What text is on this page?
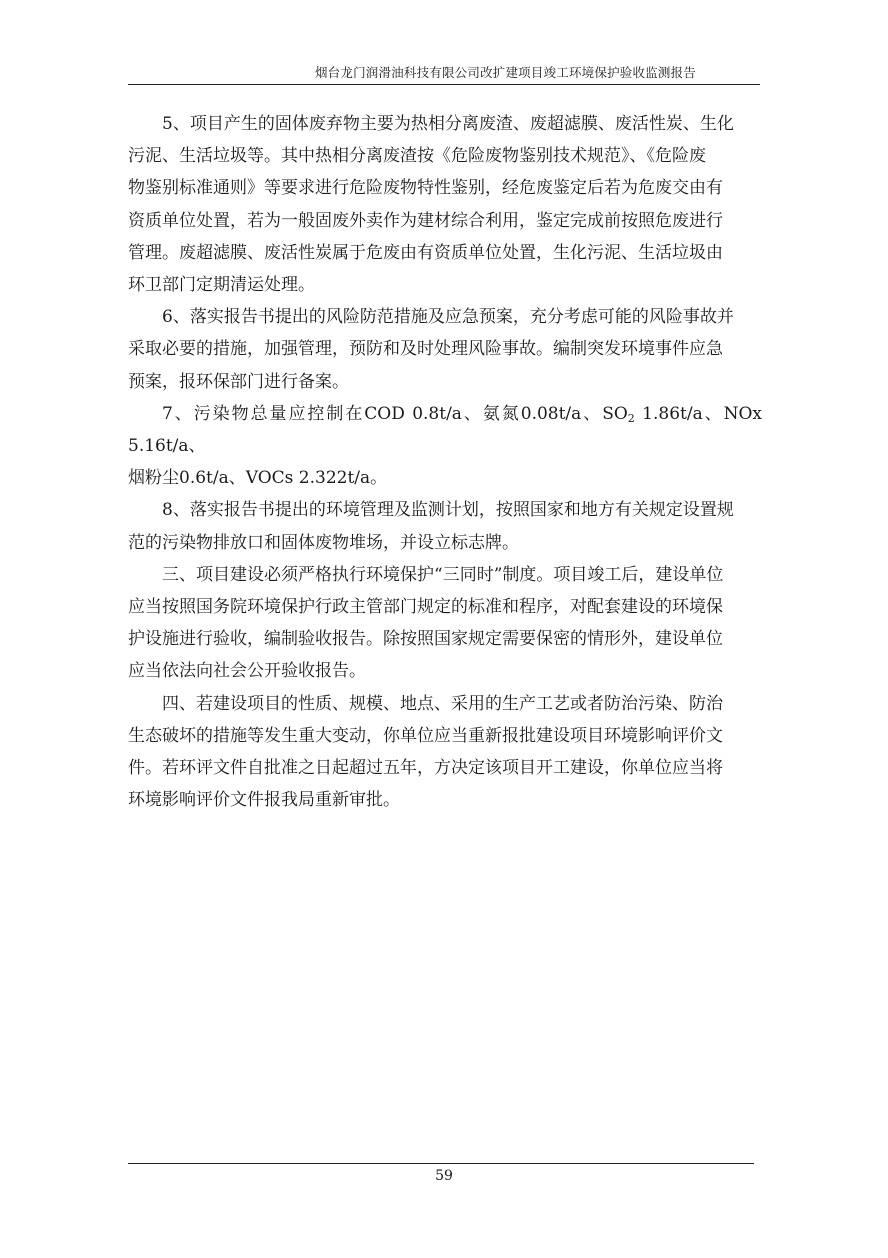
烟台龙门润滑油科技有限公司改扩建项目竣工环境保护验收监测报告

5、项目产生的固体废弃物主要为热相分离废渣、废超滤膜、废活性炭、生化
污泥、生活垃圾等。其中热相分离废渣按《危险废物鉴别技术规范》、《危险废
物鉴别标准通则》等要求进行危险废物特性鉴别，经危废鉴定后若为危废交由有
资质单位处置，若为一般固废外卖作为建材综合利用，鉴定完成前按照危废进行
管理。废超滤膜、废活性炭属于危废由有资质单位处置，生化污泥、生活垃圾由
环卫部门定期清运处理。

6、落实报告书提出的风险防范措施及应急预案，充分考虑可能的风险事故并
采取必要的措施，加强管理，预防和及时处理风险事故。编制突发环境事件应急
预案，报环保部门进行备案。

7、污染物总量应控制在COD 0.8t/a、氨氮0.08t/a、$SO_2$ 1.86t/a、NOx 5.16t/a、
烟粉尘0.6t/a、VOCs 2.322t/a。

8、落实报告书提出的环境管理及监测计划，按照国家和地方有关规定设置规
范的污染物排放口和固体废物堆场，并设立标志牌。

三、项目建设必须严格执行环境保护“三同时”制度。项目竣工后，建设单位
应当按照国务院环境保护行政主管部门规定的标准和程序，对配套建设的环境保
护设施进行验收，编制验收报告。除按照国家规定需要保密的情形外，建设单位
应当依法向社会公开验收报告。

四、若建设项目的性质、规模、地点、采用的生产工艺或者防治污染、防治
生态破坏的措施等发生重大变动，你单位应当重新报批建设项目环境影响评价文
件。若环评文件自批准之日起超过五年，方决定该项目开工建设，你单位应当将
环境影响评价文件报我局重新审批。

59
